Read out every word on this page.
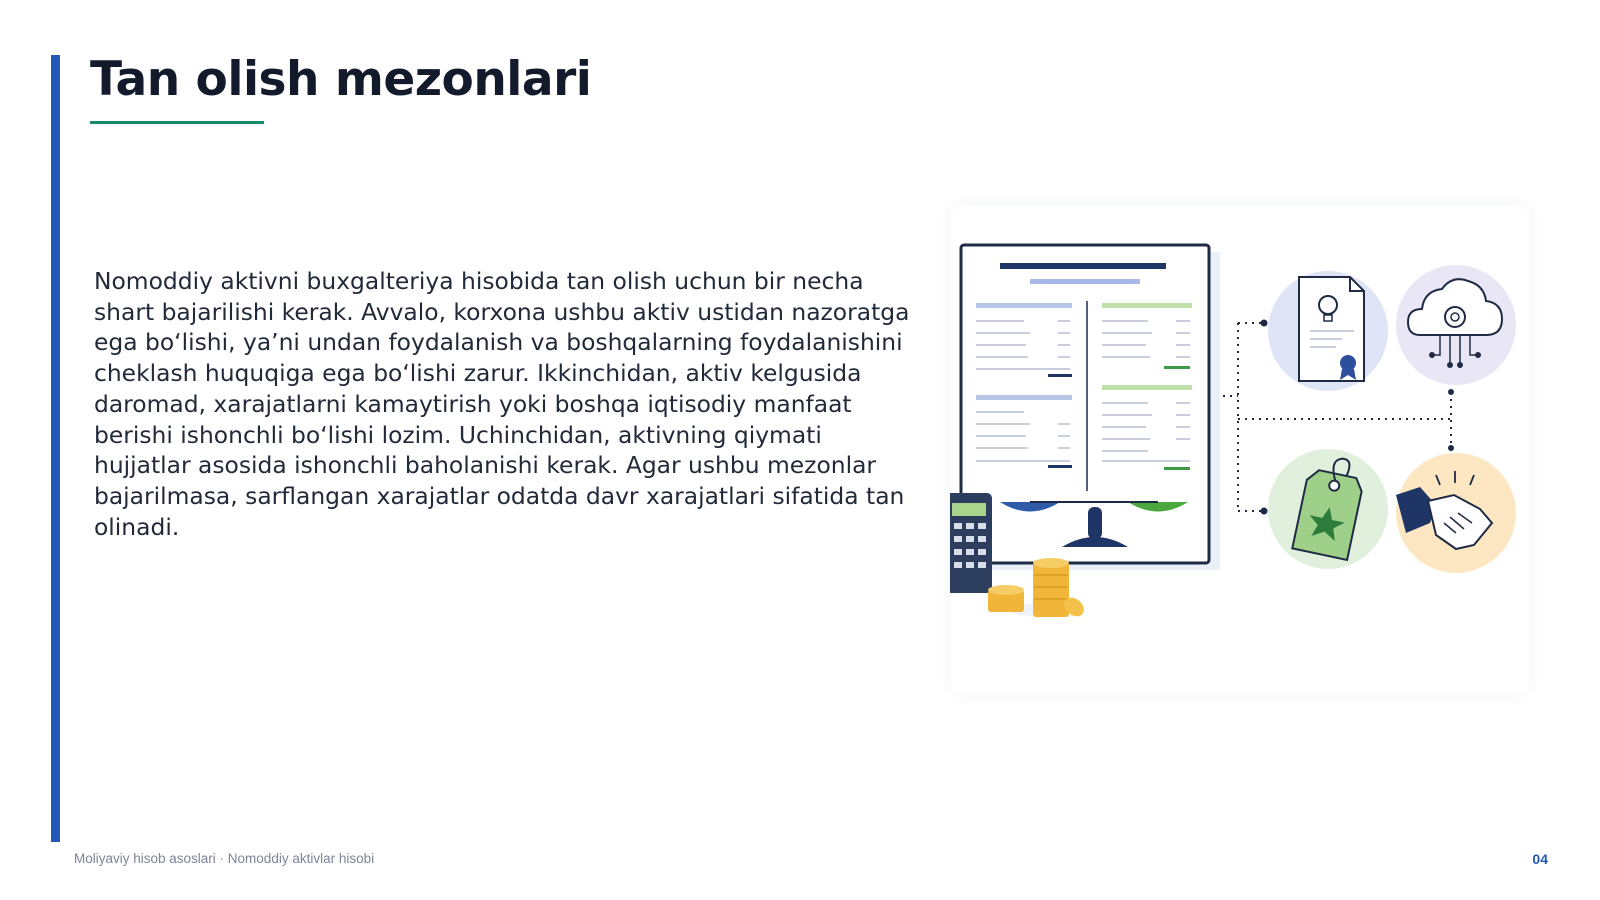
Tan olish mezonlari

Nomoddiy aktivni buxgalteriya hisobida tan olish uchun bir necha shart bajarilishi kerak. Avvalo, korxona ushbu aktiv ustidan nazoratga ega bo‘lishi, ya’ni undan foydalanish va boshqalarning foydalanishini cheklash huquqiga ega bo‘lishi zarur. Ikkinchidan, aktiv kelgusida daromad, xarajatlarni kamaytirish yoki boshqa iqtisodiy manfaat berishi ishonchli bo‘lishi lozim. Uchinchidan, aktivning qiymati hujjatlar asosida ishonchli baholanishi kerak. Agar ushbu mezonlar bajarilmasa, sarflangan xarajatlar odatda davr xarajatlari sifatida tan olinadi.

Moliyaviy hisob asoslari · Nomoddiy aktivlar hisobi	04
